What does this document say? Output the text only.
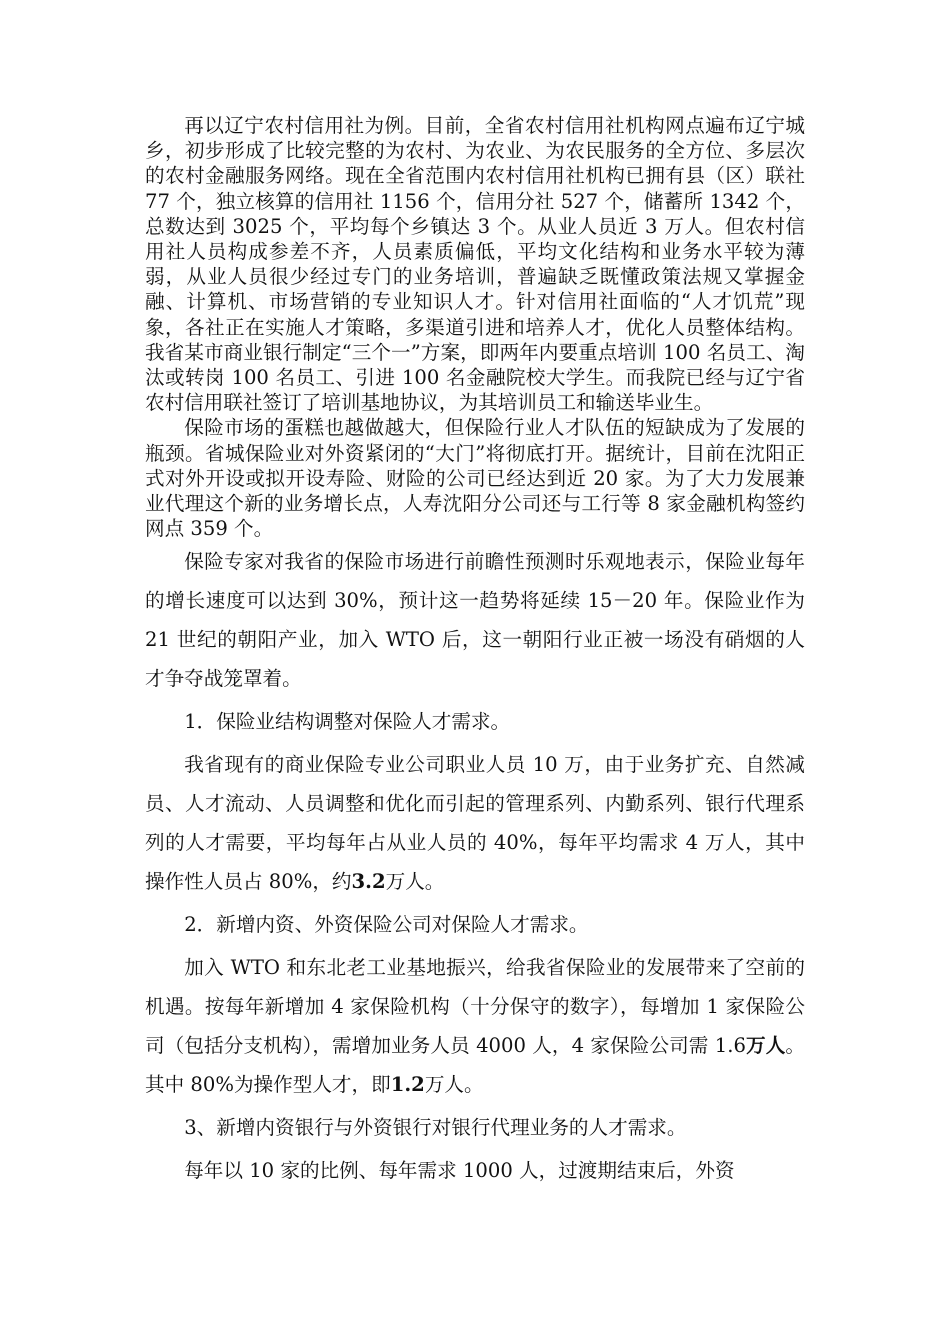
再以辽宁农村信用社为例。目前，全省农村信用社机构网点遍布辽宁城乡，初步形成了比较完整的为农村、为农业、为农民服务的全方位、多层次的农村金融服务网络。现在全省范围内农村信用社机构已拥有县（区）联社 77 个，独立核算的信用社 1156 个，信用分社 527 个，储蓄所 1342 个，总数达到 3025 个，平均每个乡镇达 3 个。从业人员近 3 万人。但农村信用社人员构成参差不齐，人员素质偏低，平均文化结构和业务水平较为薄弱，从业人员很少经过专门的业务培训，普遍缺乏既懂政策法规又掌握金融、计算机、市场营销的专业知识人才。针对信用社面临的“人才饥荒”现象，各社正在实施人才策略，多渠道引进和培养人才，优化人员整体结构。我省某市商业银行制定“三个一”方案，即两年内要重点培训 100 名员工、淘汰或转岗 100 名员工、引进 100 名金融院校大学生。而我院已经与辽宁省农村信用联社签订了培训基地协议，为其培训员工和输送毕业生。

保险市场的蛋糕也越做越大，但保险行业人才队伍的短缺成为了发展的瓶颈。省城保险业对外资紧闭的“大门”将彻底打开。据统计，目前在沈阳正式对外开设或拟开设寿险、财险的公司已经达到近 20 家。为了大力发展兼业代理这个新的业务增长点，人寿沈阳分公司还与工行等 8 家金融机构签约网点 359 个。

保险专家对我省的保险市场进行前瞻性预测时乐观地表示，保险业每年的增长速度可以达到 30%，预计这一趋势将延续 15－20 年。保险业作为 21 世纪的朝阳产业，加入 WTO 后，这一朝阳行业正被一场没有硝烟的人才争夺战笼罩着。

1．保险业结构调整对保险人才需求。

我省现有的商业保险专业公司职业人员 10 万，由于业务扩充、自然减员、人才流动、人员调整和优化而引起的管理系列、内勤系列、银行代理系列的人才需要，平均每年占从业人员的 40%，每年平均需求 4 万人，其中操作性人员占 80%，约3.2万人。

2．新增内资、外资保险公司对保险人才需求。

加入 WTO 和东北老工业基地振兴，给我省保险业的发展带来了空前的机遇。按每年新增加 4 家保险机构（十分保守的数字），每增加 1 家保险公司（包括分支机构），需增加业务人员 4000 人，4 家保险公司需 1.6万人。其中 80%为操作型人才，即1.2万人。

3、新增内资银行与外资银行对银行代理业务的人才需求。

每年以 10 家的比例、每年需求 1000 人，过渡期结束后，外资
